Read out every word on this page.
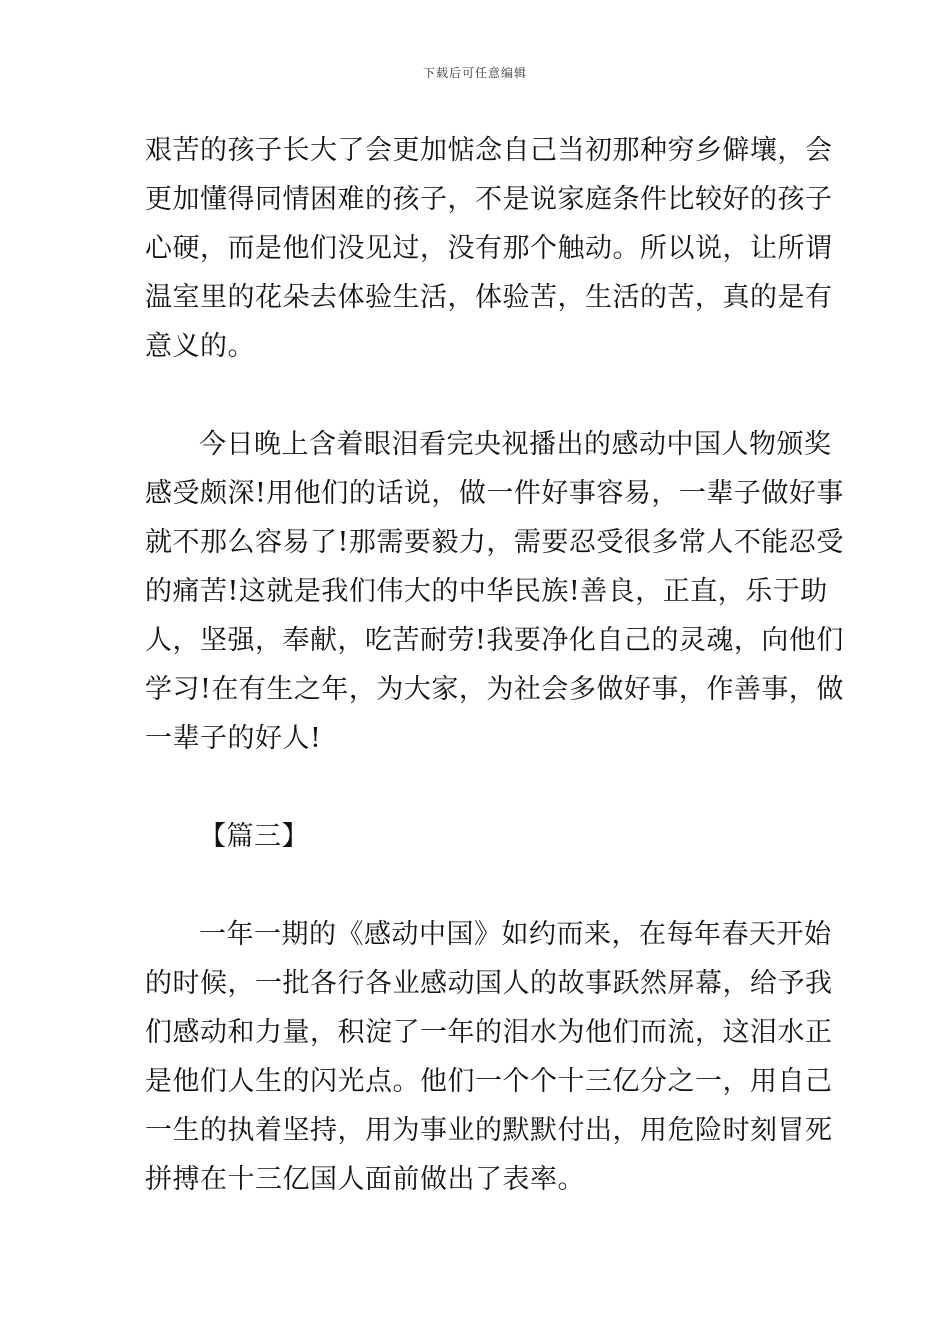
下载后可任意编辑
艰苦的孩子长大了会更加惦念自己当初那种穷乡僻壤，会
更加懂得同情困难的孩子，不是说家庭条件比较好的孩子
心硬，而是他们没见过，没有那个触动。所以说，让所谓
温室里的花朵去体验生活，体验苦，生活的苦，真的是有
意义的。
今日晚上含着眼泪看完央视播出的感动中国人物颁奖
感受颇深!用他们的话说，做一件好事容易，一辈子做好事
就不那么容易了!那需要毅力，需要忍受很多常人不能忍受
的痛苦!这就是我们伟大的中华民族!善良，正直，乐于助
人，坚强，奉献，吃苦耐劳!我要净化自己的灵魂，向他们
学习!在有生之年，为大家，为社会多做好事，作善事，做
一辈子的好人!
【篇三】
一年一期的《感动中国》如约而来，在每年春天开始
的时候，一批各行各业感动国人的故事跃然屏幕，给予我
们感动和力量，积淀了一年的泪水为他们而流，这泪水正
是他们人生的闪光点。他们一个个十三亿分之一，用自己
一生的执着坚持，用为事业的默默付出，用危险时刻冒死
拼搏在十三亿国人面前做出了表率。
